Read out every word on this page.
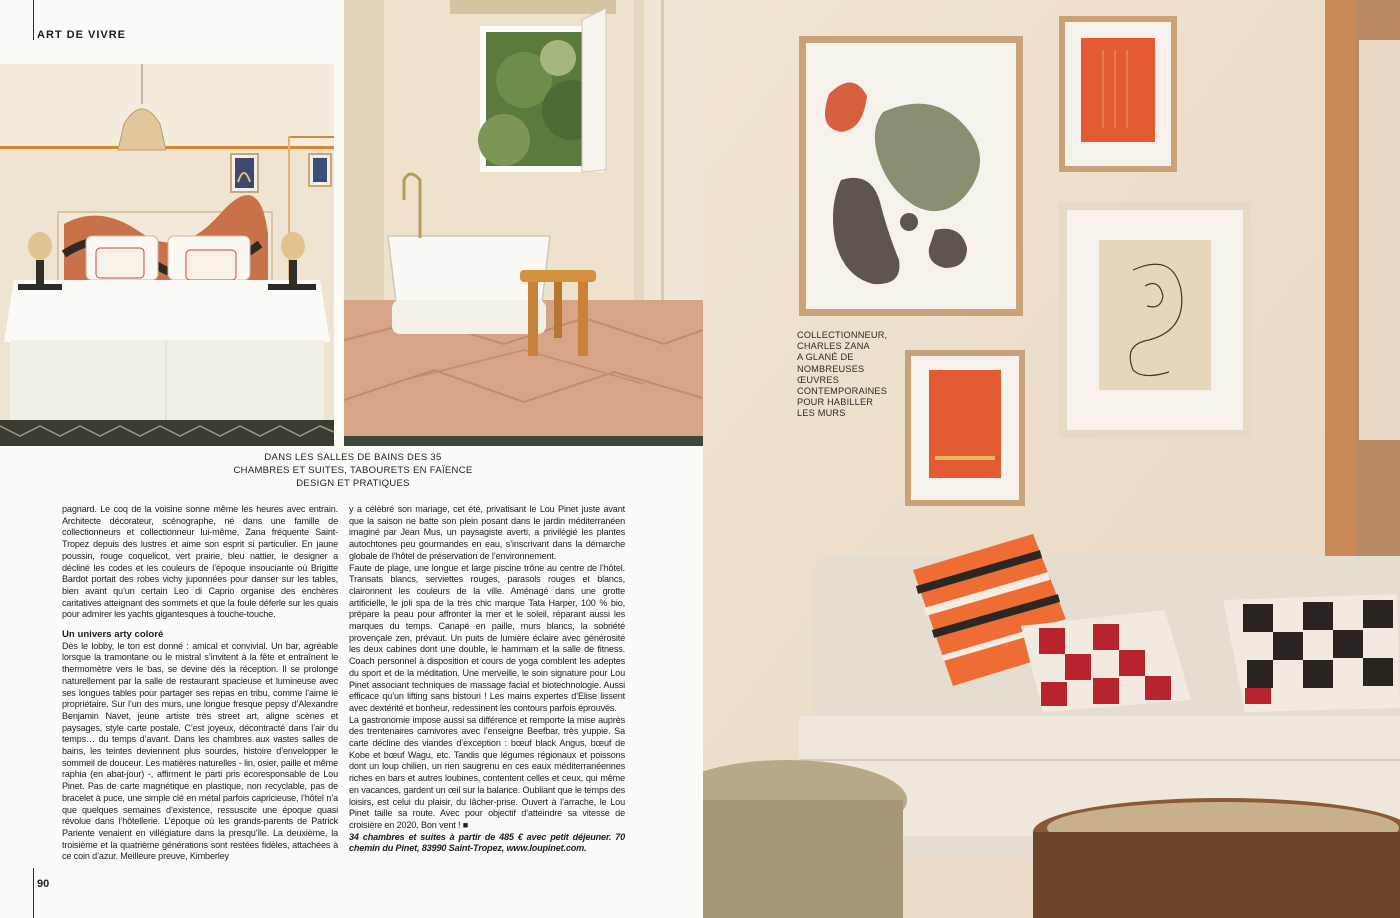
ART DE VIVRE
DANS LES SALLES DE BAINS DES 35
CHAMBRES ET SUITES, TABOURETS EN FAÏENCE
DESIGN ET PRATIQUES

pagnard. Le coq de la voisine sonne même les heures avec entrain. Architecte décorateur, scénographe, né dans une famille de collectionneurs et collectionneur lui-même, Zana fréquente Saint-Tropez depuis des lustres et aime son esprit si particulier. En jaune poussin, rouge coquelicot, vert prairie, bleu nattier, le designer a décliné les codes et les couleurs de l’époque insouciante où Brigitte Bardot portait des robes vichy juponnées pour danser sur les tables, bien avant qu’un certain Leo di Caprio organise des enchères caritatives atteignant des sommets et que la foule déferle sur les quais pour admirer les yachts gigantesques à touche-touche.

Un univers arty coloré

Dès le lobby, le ton est donné : amical et convivial. Un bar, agréable lorsque la tramontane ou le mistral s’invitent à la fête et entraînent le thermomètre vers le bas, se devine dès la réception. Il se prolonge naturellement par la salle de restaurant spacieuse et lumineuse avec ses longues tables pour partager ses repas en tribu, comme l’aime le propriétaire. Sur l’un des murs, une longue fresque pepsy d’Alexandre Benjamin Navet, jeune artiste très street art, aligne scènes et paysages, style carte postale. C’est joyeux, décontracté dans l’air du temps… du temps d’avant. Dans les chambres aux vastes salles de bains, les teintes deviennent plus sourdes, histoire d’envelopper le sommeil de douceur. Les matières naturelles - lin, osier, paille et même raphia (en abat-jour) -, affirment le parti pris écoresponsable de Lou Pinet. Pas de carte magnétique en plastique, non recyclable, pas de bracelet à puce, une simple clé en métal parfois capricieuse, l’hôtel n’a que quelques semaines d’existence, ressuscite une époque quasi révolue dans l’hôtellerie. L’époque où les grands-parents de Patrick Pariente venaient en villégiature dans la presqu’île. La deuxième, la troisième et la quatrième générations sont restées fidèles, attachées à ce coin d’azur. Meilleure preuve, Kimberley

y a célébré son mariage, cet été, privatisant le Lou Pinet juste avant que la saison ne batte son plein posant dans le jardin méditerranéen imaginé par Jean Mus, un paysagiste averti, a privilégié les plantes autochtones peu gourmandes en eau, s’inscrivant dans la démarche globale de l’hôtel de préservation de l’environnement.

Faute de plage, une longue et large piscine trône au centre de l’hôtel. Transats blancs, serviettes rouges, parasols rouges et blancs, claironnent les couleurs de la ville. Aménagé dans une grotte artificielle, le joli spa de la très chic marque Tata Harper, 100 % bio, prépare la peau pour affronter la mer et le soleil, réparant aussi les marques du temps. Canapé en paille, murs blancs, la sobriété provençale zen, prévaut. Un puits de lumière éclaire avec générosité les deux cabines dont une double, le hammam et la salle de fitness. Coach personnel à disposition et cours de yoga comblent les adeptes du sport et de la méditation. Une merveille, le soin signature pour Lou Pinet associant techniques de massage facial et biotechnologie. Aussi efficace qu’un lifting sans bistouri ! Les mains expertes d’Elise lissent avec dextérité et bonheur, redessinent les contours parfois éprouvés.

La gastronomie impose aussi sa différence et remporte la mise auprès des trentenaires carnivores avec l’enseigne Beefbar, très yuppie. Sa carte décline des viandes d’exception : bœuf black Angus, bœuf de Kobe et bœuf Wagu, etc. Tandis que légumes régionaux et poissons dont un loup chilien, un rien saugrenu en ces eaux méditerranéennes riches en bars et autres loubines, contentent celles et ceux, qui même en vacances, gardent un œil sur la balance. Oubliant que le temps des loisirs, est celui du plaisir, du lâcher-prise. Ouvert à l’arrache, le Lou Pinet taille sa route. Avec pour objectif d’atteindre sa vitesse de croisière en 2020. Bon vent ! ■

34 chambres et suites à partir de 485 € avec petit déjeuner. 70 chemin du Pinet, 83990 Saint-Tropez, www.loupinet.com.

90
COLLECTIONNEUR,
CHARLES ZANA
A GLANÉ DE
NOMBREUSES
ŒUVRES
CONTEMPORAINES
POUR HABILLER
LES MURS
